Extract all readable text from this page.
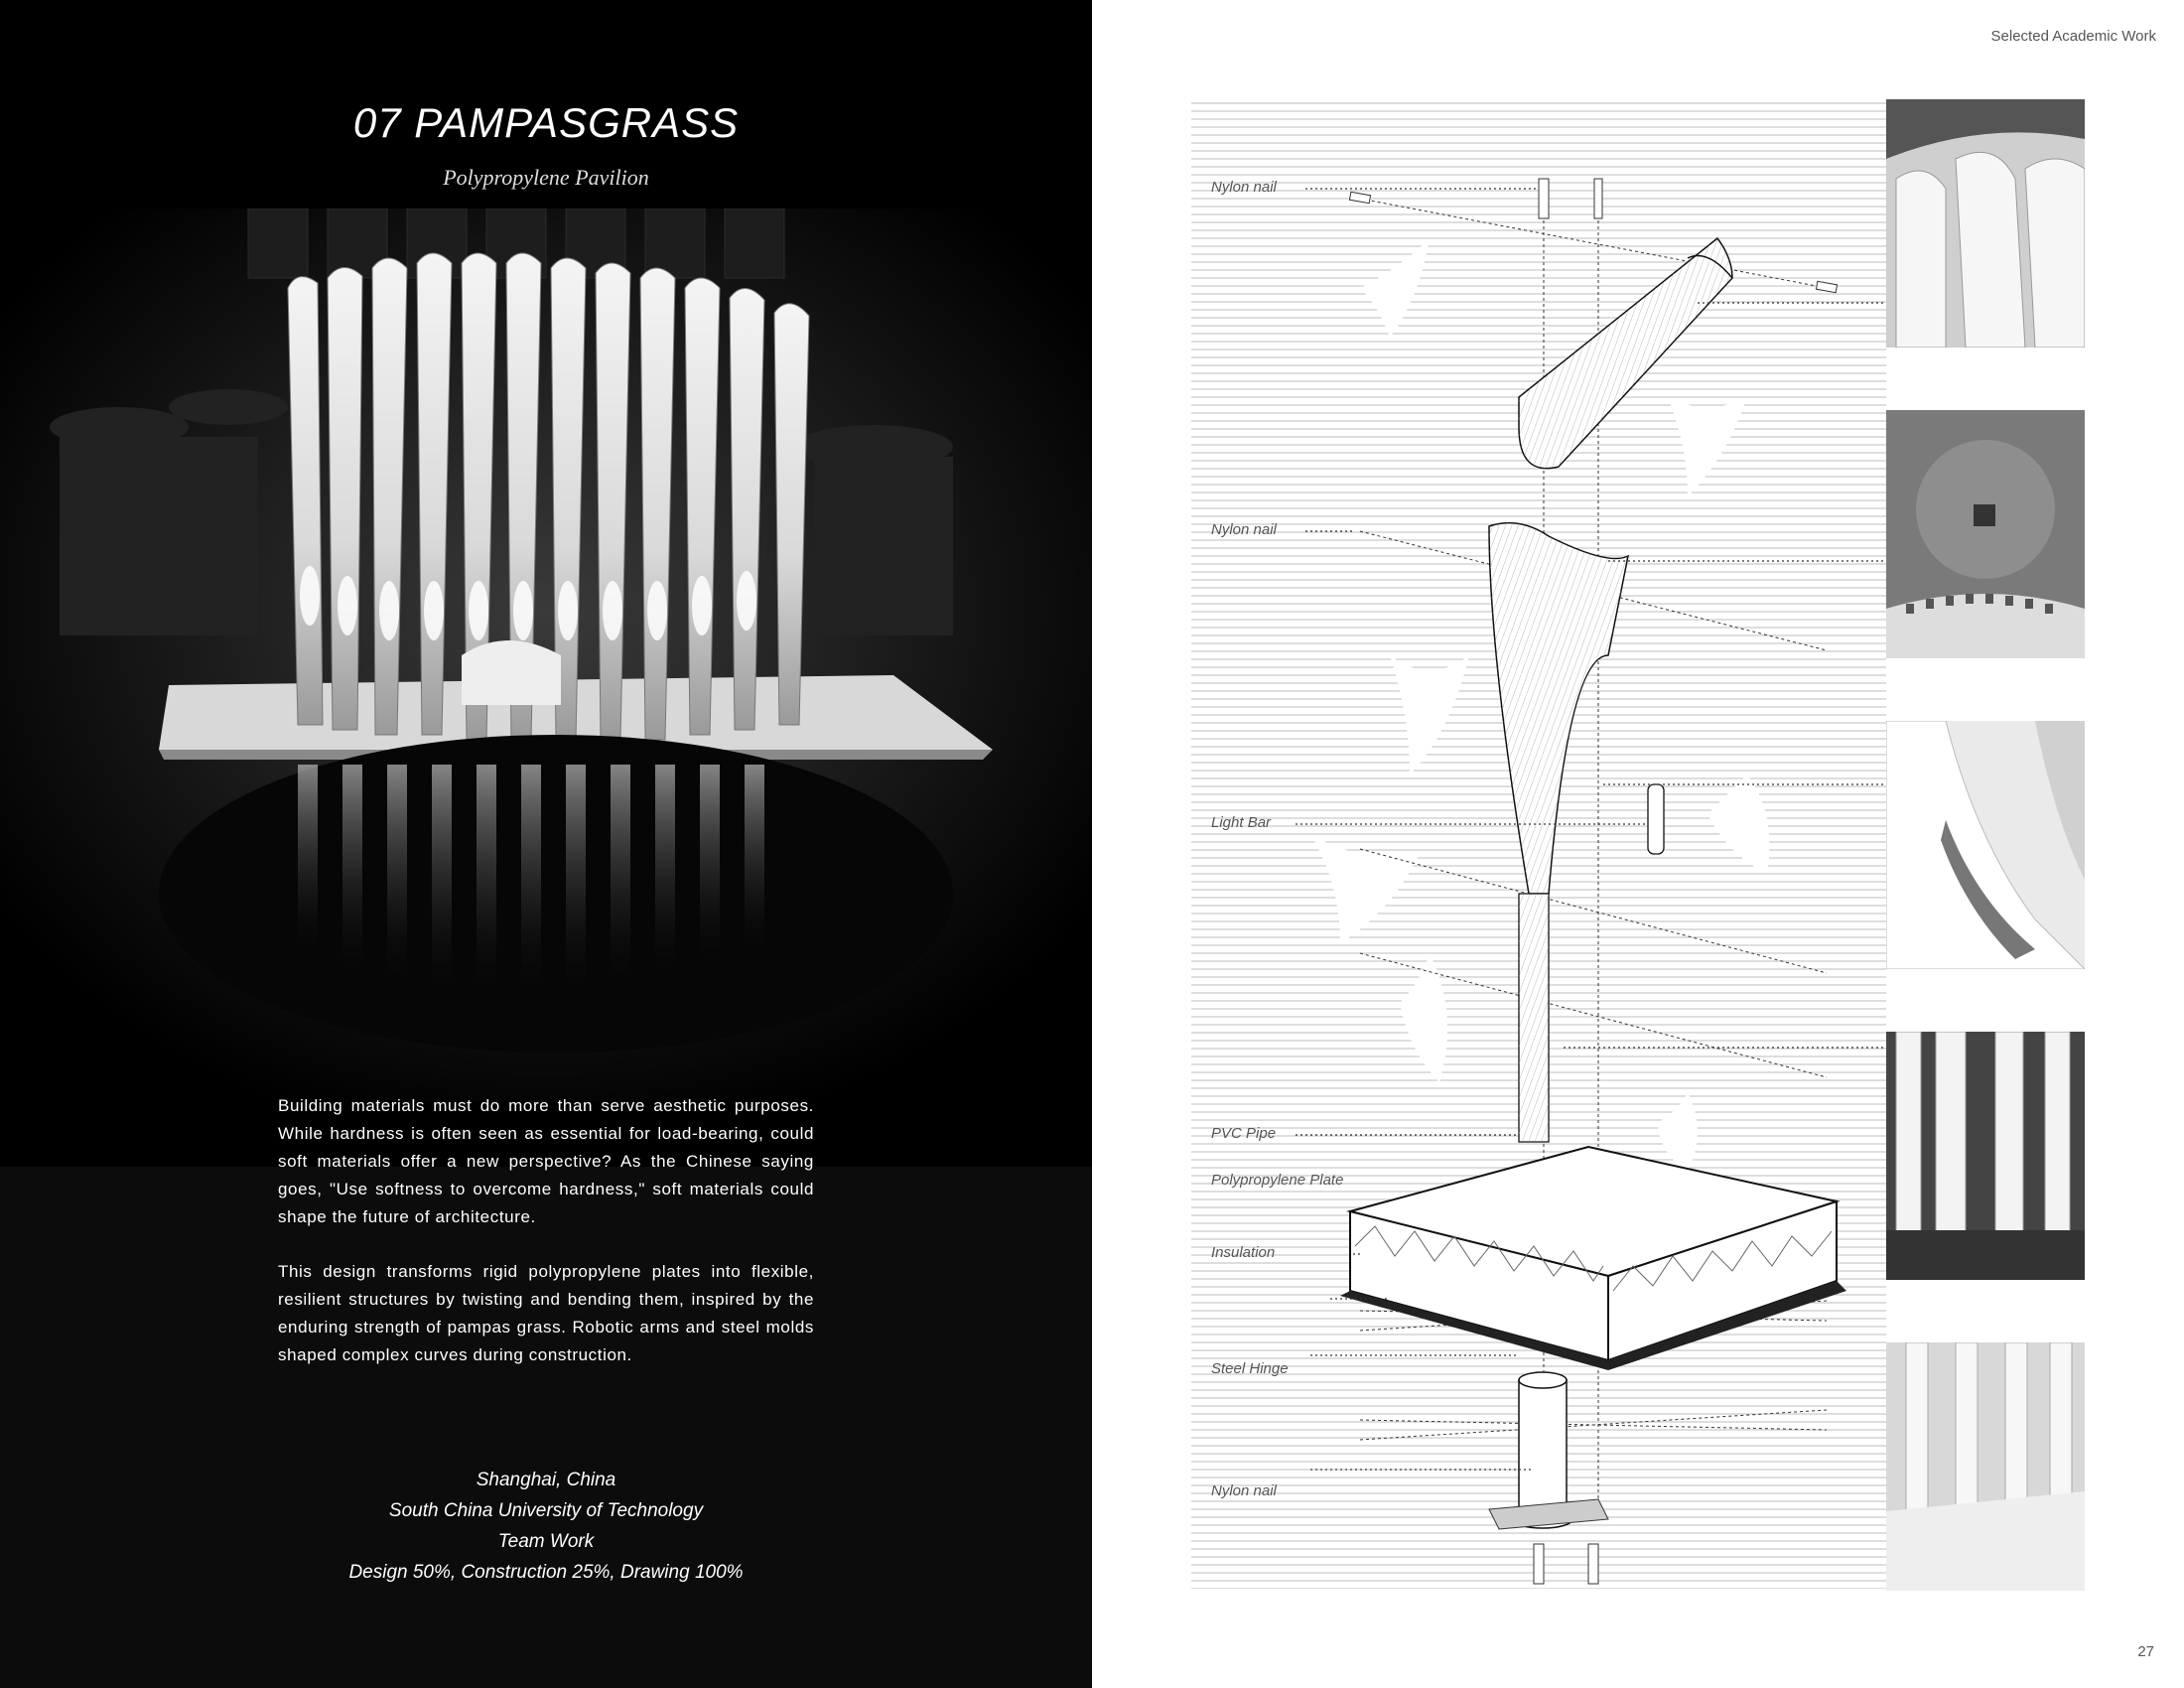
07 PAMPASGRASS
Polypropylene Pavilion

Building materials must do more than serve aesthetic purposes. While hardness is often seen as essential for load-bearing, could soft materials offer a new perspective? As the Chinese saying goes, "Use softness to overcome hardness," soft materials could shape the future of architecture.

This design transforms rigid polypropylene plates into flexible, resilient structures by twisting and bending them, inspired by the enduring strength of pampas grass. Robotic arms and steel molds shaped complex curves during construction.

Shanghai, China
South China University of Technology
Team Work
Design 50%, Construction 25%, Drawing 100%
Selected Academic Work
Nylon nail
Nylon nail
Light Bar
PVC Pipe
Polypropylene Plate
Insulation
Steel Hinge
Nylon nail
27
